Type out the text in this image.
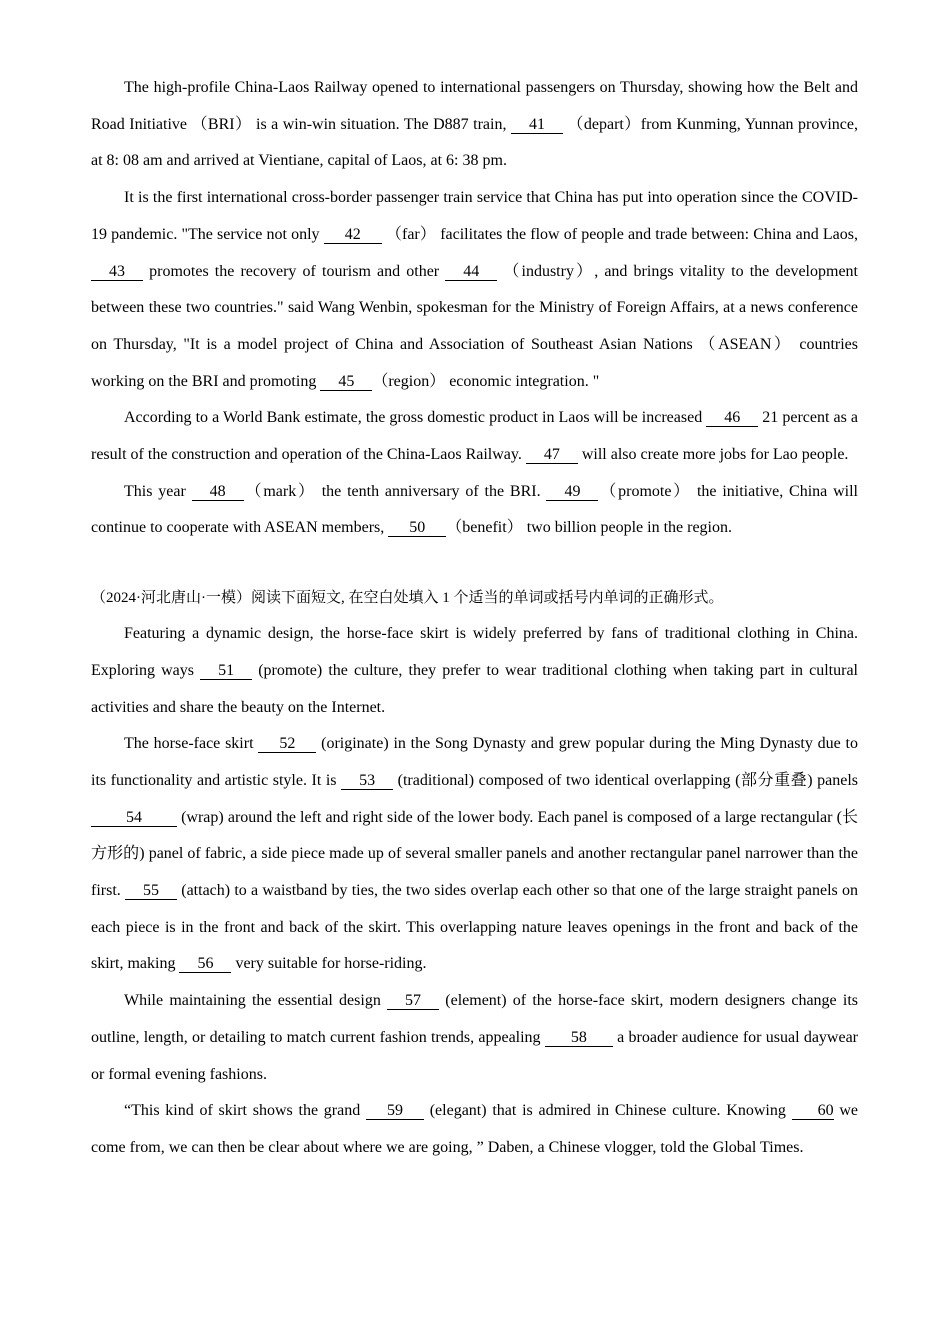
The high-profile China-Laos Railway opened to international passengers on Thursday, showing how the Belt and Road Initiative （BRI） is a win-win situation. The D887 train, 41 （depart）from Kunming, Yunnan province, at 8: 08 am and arrived at Vientiane, capital of Laos, at 6: 38 pm.

It is the first international cross-border passenger train service that China has put into operation since the COVID-19 pandemic. "The service not only 42 （far） facilitates the flow of people and trade between: China and Laos, 43 promotes the recovery of tourism and other 44 （industry）, and brings vitality to the development between these two countries." said Wang Wenbin, spokesman for the Ministry of Foreign Affairs, at a news conference on Thursday, "It is a model project of China and Association of Southeast Asian Nations （ASEAN） countries working on the BRI and promoting 45 （region） economic integration. "

According to a World Bank estimate, the gross domestic product in Laos will be increased 46 21 percent as a result of the construction and operation of the China-Laos Railway. 47 will also create more jobs for Lao people.

This year 48 （mark） the tenth anniversary of the BRI. 49 （promote） the initiative, China will continue to cooperate with ASEAN members, 50 （benefit） two billion people in the region.

（2024·河北唐山·一模）阅读下面短文, 在空白处填入 1 个适当的单词或括号内单词的正确形式。

Featuring a dynamic design, the horse-face skirt is widely preferred by fans of traditional clothing in China. Exploring ways 51 (promote) the culture, they prefer to wear traditional clothing when taking part in cultural activities and share the beauty on the Internet.

The horse-face skirt 52 (originate) in the Song Dynasty and grew popular during the Ming Dynasty due to its functionality and artistic style. It is 53 (traditional) composed of two identical overlapping (部分重叠) panels 54 (wrap) around the left and right side of the lower body. Each panel is composed of a large rectangular (长方形的) panel of fabric, a side piece made up of several smaller panels and another rectangular panel narrower than the first. 55 (attach) to a waistband by ties, the two sides overlap each other so that one of the large straight panels on each piece is in the front and back of the skirt. This overlapping nature leaves openings in the front and back of the skirt, making 56 very suitable for horse-riding.

While maintaining the essential design 57 (element) of the horse-face skirt, modern designers change its outline, length, or detailing to match current fashion trends, appealing 58 a broader audience for usual daywear or formal evening fashions.

“This kind of skirt shows the grand 59 (elegant) that is admired in Chinese culture. Knowing 60 we come from, we can then be clear about where we are going, ” Daben, a Chinese vlogger, told the Global Times.
